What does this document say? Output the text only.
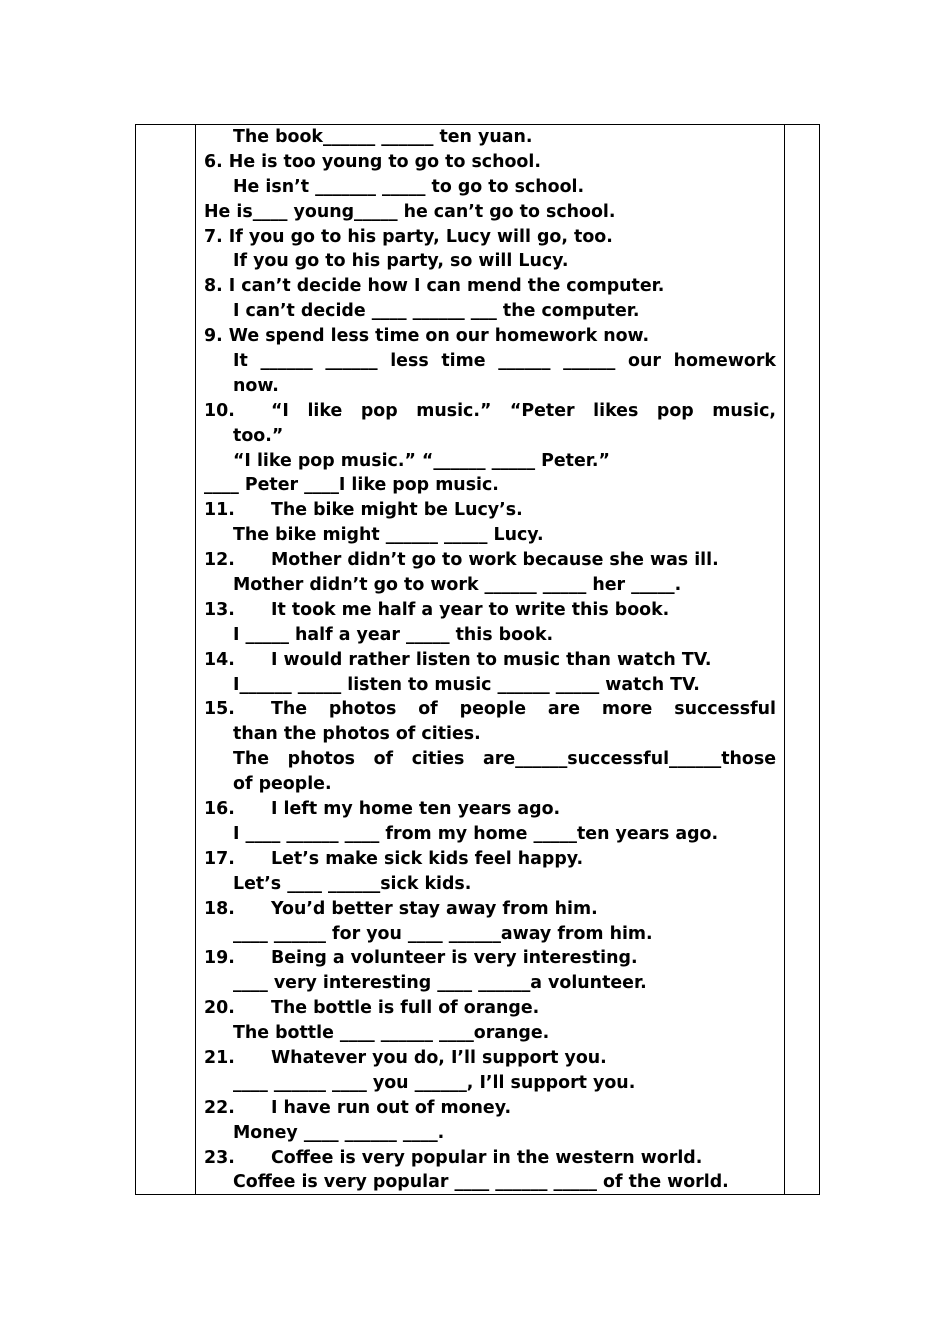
The book______ ______ ten yuan.
6. He is too young to go to school.
He isn’t _______ _____ to go to school.
He is____ young_____ he can’t go to school.
7. If you go to his party, Lucy will go, too.
If you go to his party, so will Lucy.
8. I can’t decide how I can mend the computer.
I can’t decide ____ ______ ___ the computer.
9. We spend less time on our homework now.
It ______ ______ less time ______ ______ our homework
now.
10. “I like pop music.” “Peter likes pop music,
too.”
“I like pop music.” “______ _____ Peter.”
____ Peter ____I like pop music.
11. The bike might be Lucy’s.
The bike might ______ _____ Lucy.
12. Mother didn’t go to work because she was ill.
Mother didn’t go to work ______ _____ her _____.
13. It took me half a year to write this book.
I _____ half a year _____ this book.
14. I would rather listen to music than watch TV.
I______ _____ listen to music ______ _____ watch TV.
15. The photos of people are more successful
than the photos of cities.
The photos of cities are______successful______those
of people.
16. I left my home ten years ago.
I ____ ______ ____ from my home _____ten years ago.
17. Let’s make sick kids feel happy.
Let’s ____ ______sick kids.
18. You’d better stay away from him.
____ ______ for you ____ ______away from him.
19. Being a volunteer is very interesting.
____ very interesting ____ ______a volunteer.
20. The bottle is full of orange.
The bottle ____ ______ ____orange.
21. Whatever you do, I’ll support you.
____ ______ ____ you ______, I’ll support you.
22. I have run out of money.
Money ____ ______ ____.
23. Coffee is very popular in the western world.
Coffee is very popular ____ ______ _____ of the world.
